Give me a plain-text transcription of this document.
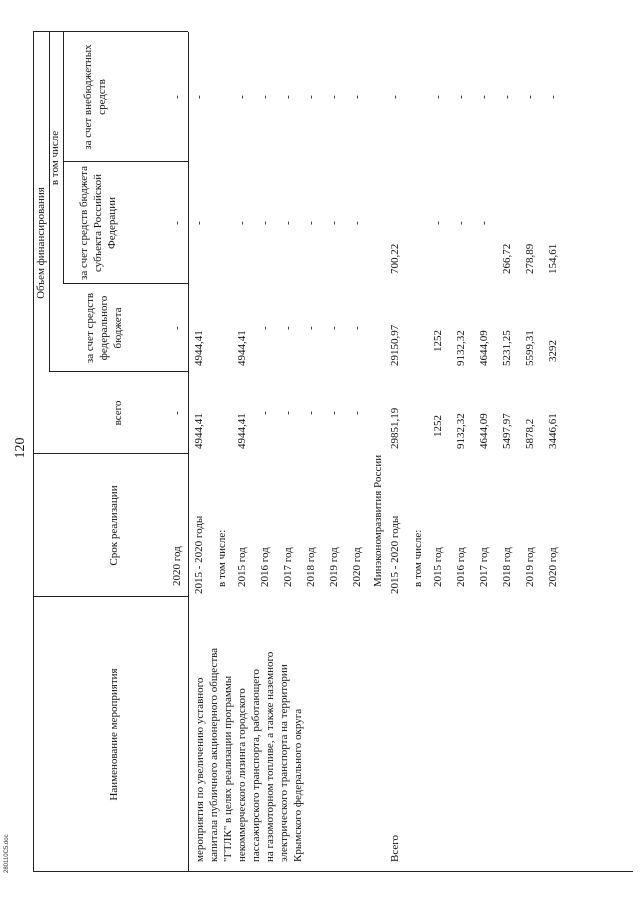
120
Наименование мероприятия
Срок реализации
Объем финансирования
всего
в том числе
за счет средств федерального бюджета
за счет средств бюджета субъекта Российской Федерации
за счет внебюджетных средств
мероприятия по увеличению уставного капитала публичного акционерного общества "ГТЛК" в целях реализации программы некоммерческого лизинга городского пассажирского транспорта, работающего на газомоторном топливе, а также наземного электрического транспорта на территории Крымского федерального округа
2020 год
-
-
-
-
2015 - 2020 годы
4944,41
4944,41
-
-
в том числе: 2015 год
4944,41
4944,41
-
-
2016 год
-
-
-
-
2017 год
-
-
-
-
2018 год
-
-
-
-
2019 год
-
-
-
-
2020 год
-
-
-
-
Минэкономразвития России
Всего
2015 - 2020 годы
29851,19
29150,97
700,22
-
в том числе: 2015 год
1252
1252
-
-
2016 год
9132,32
9132,32
-
-
2017 год
4644,09
4644,09
-
-
2018 год
5497,97
5231,25
266,72
-
2019 год
5878,2
5599,31
278,89
-
2020 год
3446,61
3292
154,61
-
280110C5.doc
